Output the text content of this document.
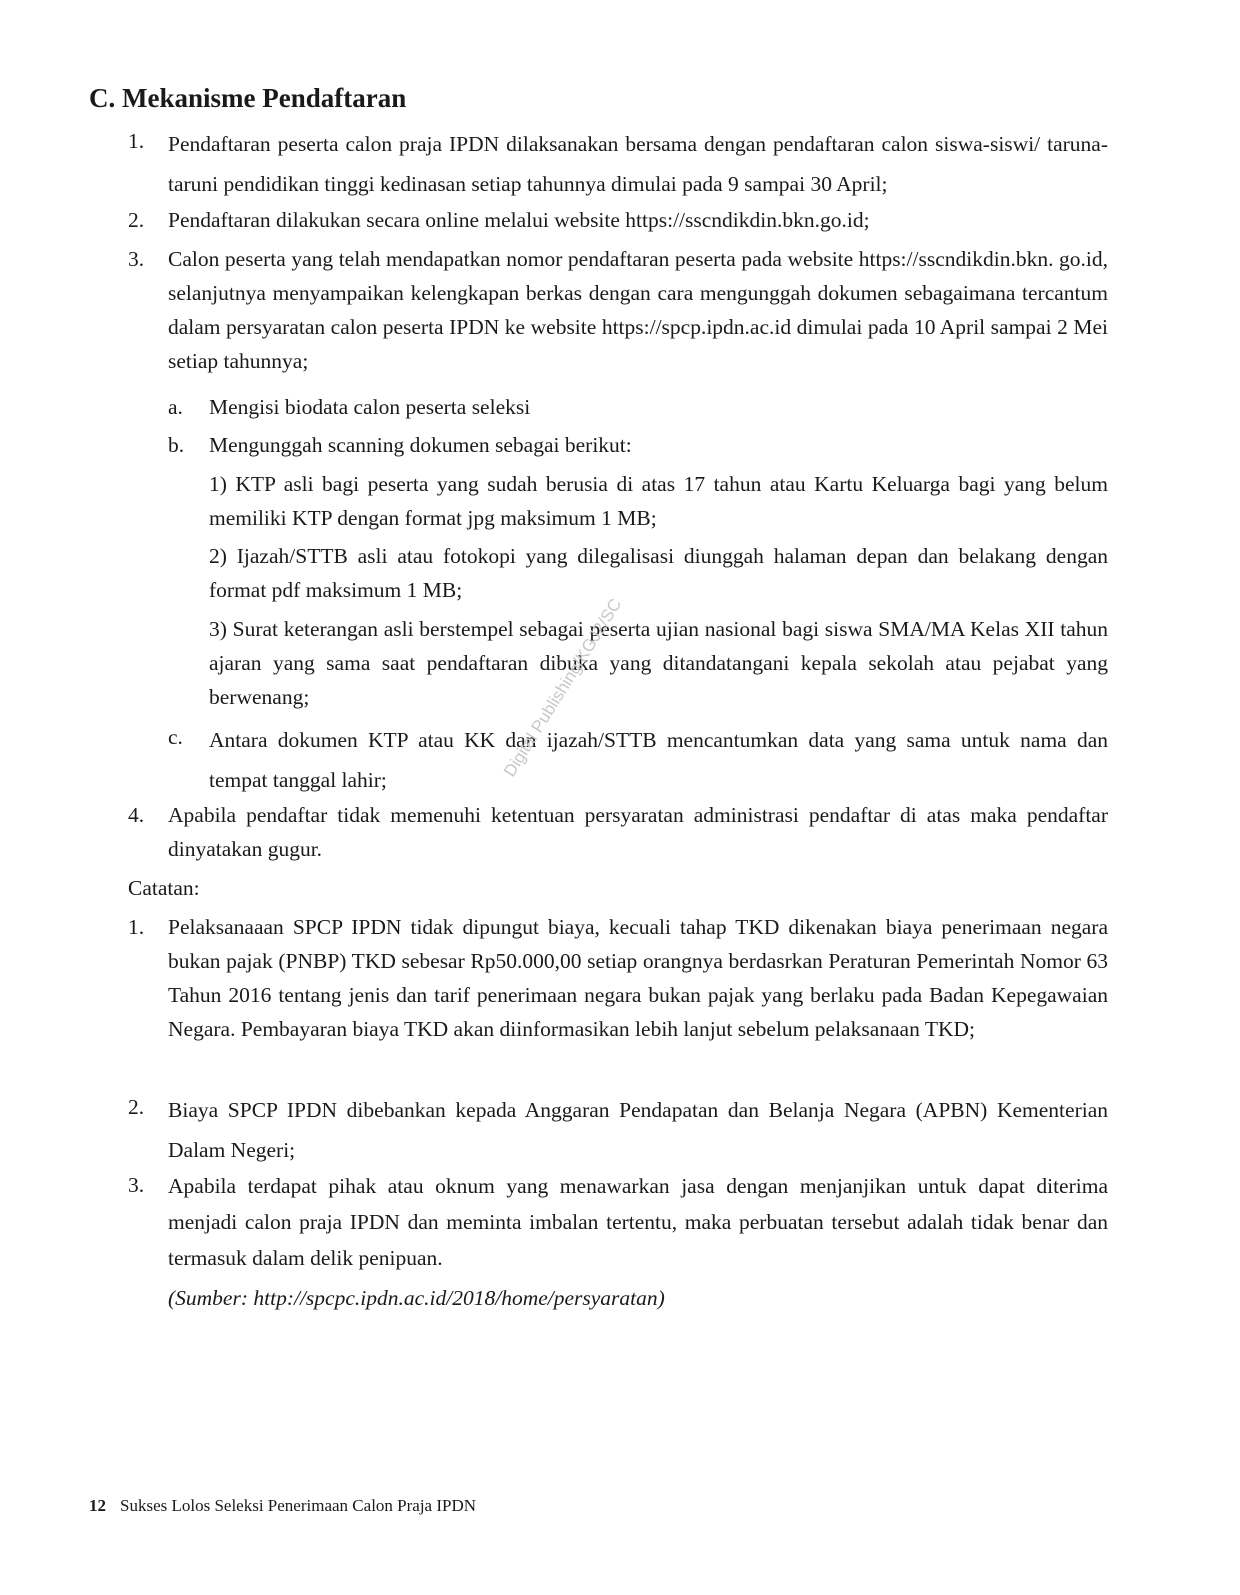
C. Mekanisme Pendaftaran
1. Pendaftaran peserta calon praja IPDN dilaksanakan bersama dengan pendaftaran calon siswa-siswi/ taruna-taruni pendidikan tinggi kedinasan setiap tahunnya dimulai pada 9 sampai 30 April;
2. Pendaftaran dilakukan secara online melalui website https://sscndikdin.bkn.go.id;
3. Calon peserta yang telah mendapatkan nomor pendaftaran peserta pada website https://sscndikdin.bkn. go.id, selanjutnya menyampaikan kelengkapan berkas dengan cara mengunggah dokumen sebagaimana tercantum dalam persyaratan calon peserta IPDN ke website https://spcp.ipdn.ac.id dimulai pada 10 April sampai 2 Mei setiap tahunnya;
a. Mengisi biodata calon peserta seleksi
b. Mengunggah scanning dokumen sebagai berikut:
1) KTP asli bagi peserta yang sudah berusia di atas 17 tahun atau Kartu Keluarga bagi yang belum memiliki KTP dengan format jpg maksimum 1 MB;
2) Ijazah/STTB asli atau fotokopi yang dilegalisasi diunggah halaman depan dan belakang dengan format pdf maksimum 1 MB;
3) Surat keterangan asli berstempel sebagai peserta ujian nasional bagi siswa SMA/MA Kelas XII tahun ajaran yang sama saat pendaftaran dibuka yang ditandatangani kepala sekolah atau pejabat yang berwenang;
c. Antara dokumen KTP atau KK dan ijazah/STTB mencantumkan data yang sama untuk nama dan tempat tanggal lahir;
4. Apabila pendaftar tidak memenuhi ketentuan persyaratan administrasi pendaftar di atas maka pendaftar dinyatakan gugur.
Catatan:
1. Pelaksanaaan SPCP IPDN tidak dipungut biaya, kecuali tahap TKD dikenakan biaya penerimaan negara bukan pajak (PNBP) TKD sebesar Rp50.000,00 setiap orangnya berdasrkan Peraturan Pemerintah Nomor 63 Tahun 2016 tentang jenis dan tarif penerimaan negara bukan pajak yang berlaku pada Badan Kepegawaian Negara. Pembayaran biaya TKD akan diinformasikan lebih lanjut sebelum pelaksanaan TKD;
2. Biaya SPCP IPDN dibebankan kepada Anggaran Pendapatan dan Belanja Negara (APBN) Kementerian Dalam Negeri;
3. Apabila terdapat pihak atau oknum yang menawarkan jasa dengan menjanjikan untuk dapat diterima menjadi calon praja IPDN dan meminta imbalan tertentu, maka perbuatan tersebut adalah tidak benar dan termasuk dalam delik penipuan.
(Sumber: http://spcpc.ipdn.ac.id/2018/home/persyaratan)
Digital Publishing/KGJ2/SC
12 Sukses Lolos Seleksi Penerimaan Calon Praja IPDN
